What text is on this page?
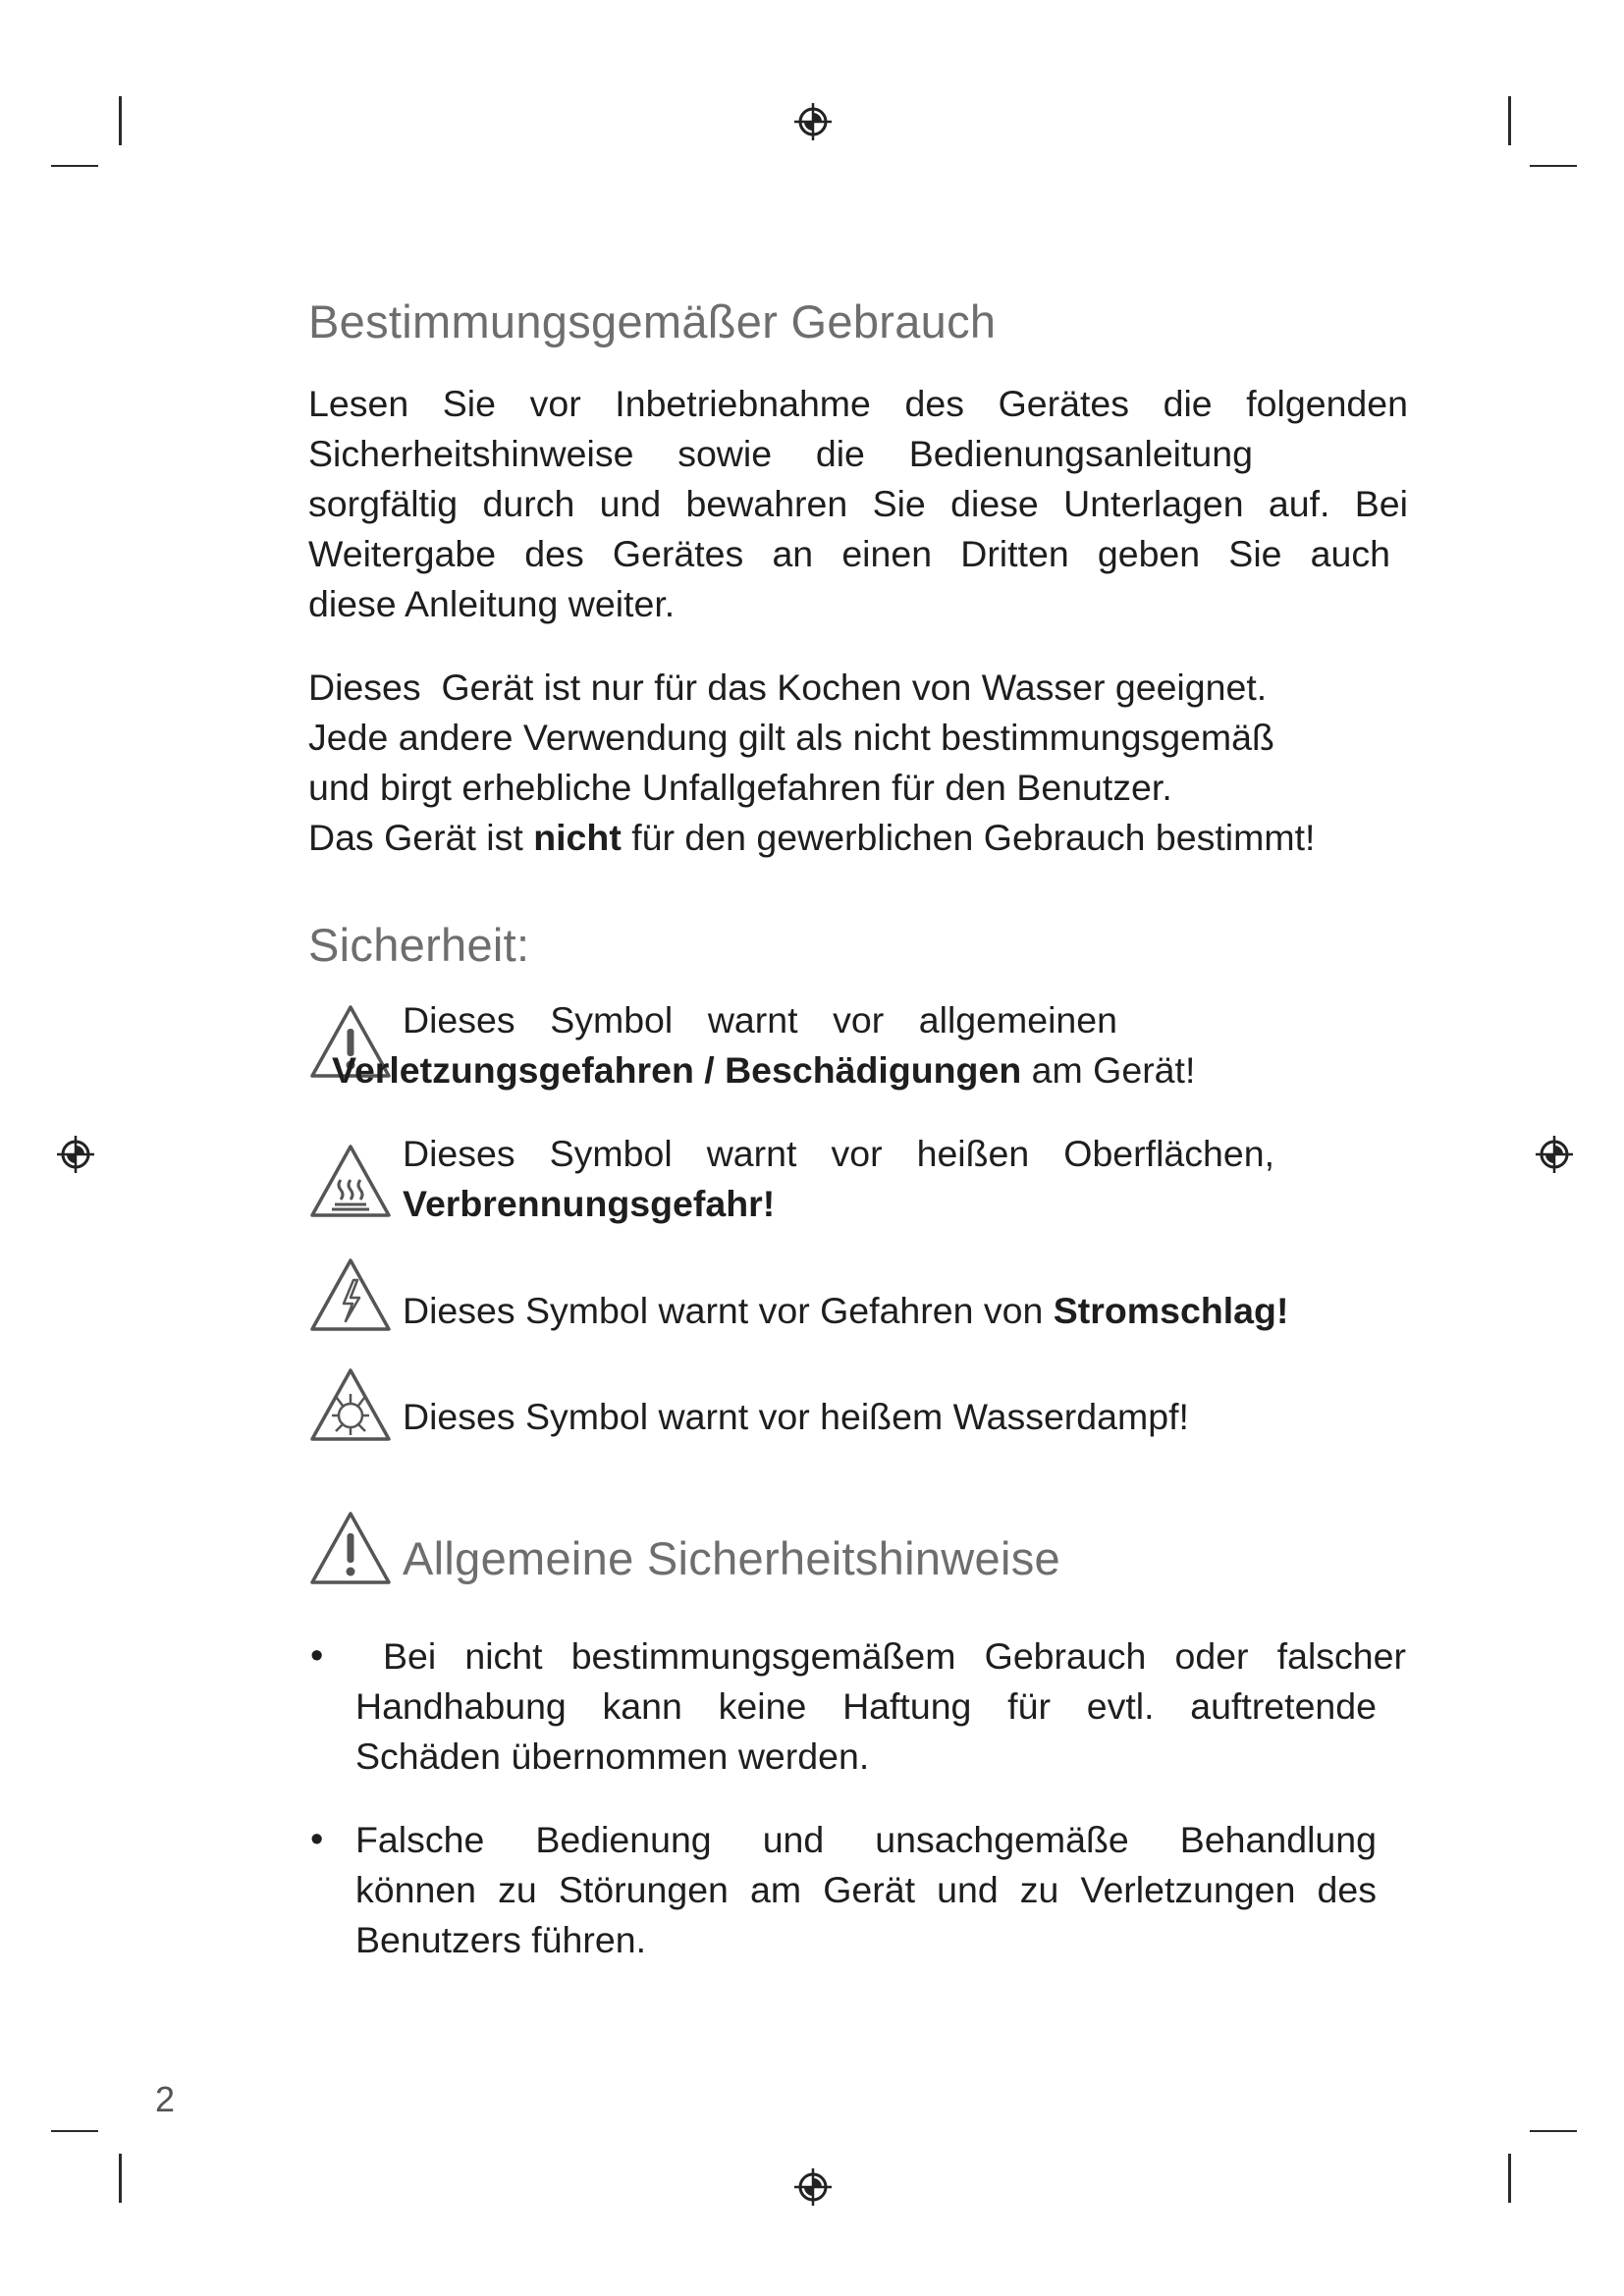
2
Bestimmungsgemäßer Gebrauch

Lesen Sie vor Inbetriebnahme des Gerätes die folgenden
Sicherheitshinweise sowie die Bedienungsanleitung
sorgfältig durch und bewahren Sie diese Unterlagen auf. Bei
Weitergabe des Gerätes an einen Dritten geben Sie auch
diese Anleitung weiter.

Dieses  Gerät ist nur für das Kochen von Wasser geeignet.
Jede andere Verwendung gilt als nicht bestimmungsgemäß
und birgt erhebliche Unfallgefahren für den Benutzer.
Das Gerät ist nicht für den gewerblichen Gebrauch bestimmt!

Sicherheit:
Dieses Symbol warnt vor allgemeinen
Verletzungsgefahren / Beschädigungen am Gerät!
Dieses Symbol warnt vor heißen Oberflächen,
Verbrennungsgefahr!
Dieses Symbol warnt vor Gefahren von Stromschlag!
Dieses Symbol warnt vor heißem Wasserdampf!
Allgemeine Sicherheitshinweise
•	Bei nicht bestimmungsgemäßem Gebrauch oder falscher
Handhabung kann keine Haftung für evtl. auftretende
Schäden übernommen werden.
• Falsche Bedienung und unsachgemäße Behandlung
können zu Störungen am Gerät und zu Verletzungen des
Benutzers führen.
